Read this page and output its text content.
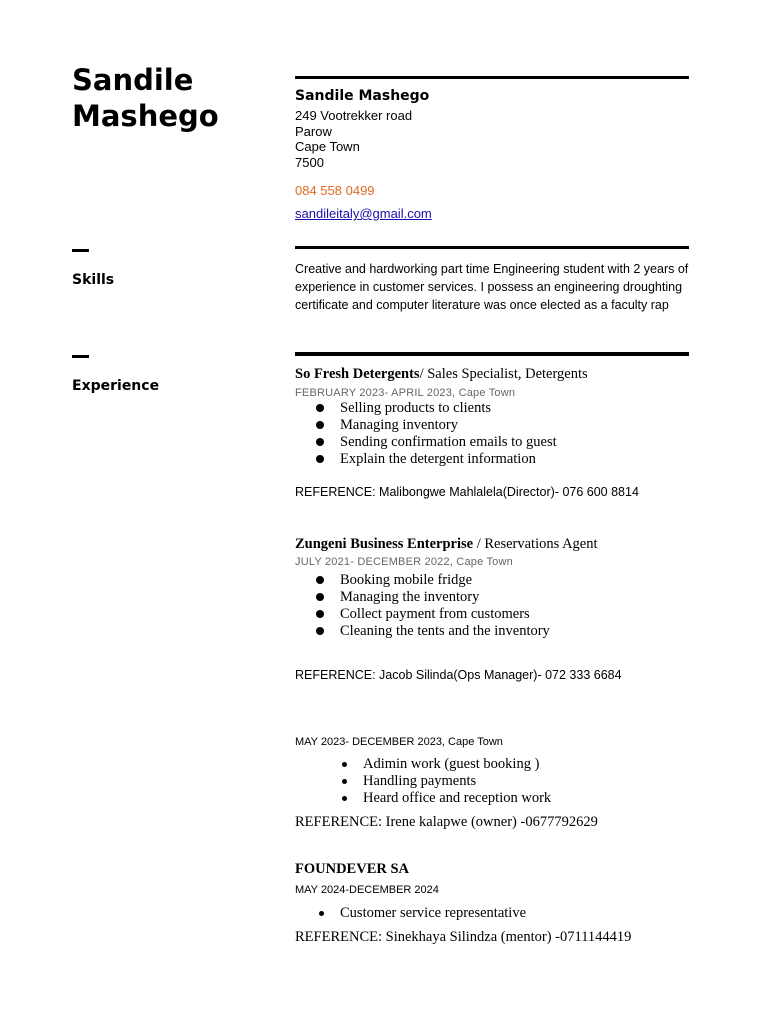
Sandile
Mashego
Skills
Experience
Sandile Mashego
249 Vootrekker road
Parow
Cape Town
7500
084 558 0499
sandileitaly@gmail.com
Creative and hardworking part time Engineering student with 2 years of experience in customer services. I possess an engineering droughting certificate and computer literature was once elected as a faculty rap
So Fresh Detergents/ Sales Specialist, Detergents
FEBRUARY 2023- APRIL 2023, Cape Town
Selling products to clients
Managing inventory
Sending confirmation emails to guest
Explain the detergent information
REFERENCE: Malibongwe Mahlalela(Director)- 076 600 8814
Zungeni Business Enterprise / Reservations Agent
JULY 2021- DECEMBER 2022, Cape Town
Booking mobile fridge
Managing the inventory
Collect payment from customers
Cleaning the tents and the inventory
REFERENCE: Jacob Silinda(Ops Manager)- 072 333 6684
MAY 2023- DECEMBER 2023, Cape Town
Adimin work (guest booking )
Handling payments
Heard office and reception work
REFERENCE: Irene kalapwe (owner) -0677792629
FOUNDEVER SA
MAY 2024-DECEMBER 2024
Customer service representative
REFERENCE: Sinekhaya Silindza (mentor) -0711144419
